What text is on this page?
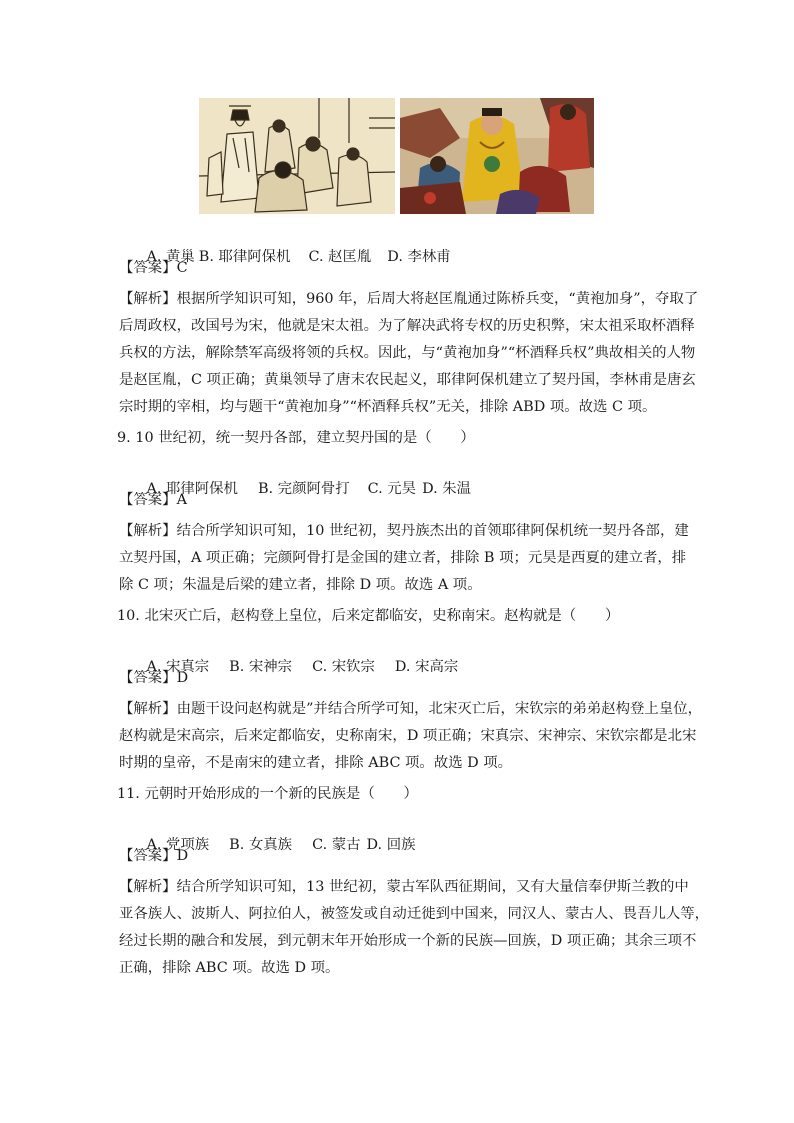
A. 黄巢 B. 耶律阿保机 C. 赵匡胤 D. 李林甫

【答案】C
【解析】根据所学知识可知，960 年，后周大将赵匡胤通过陈桥兵变，“黄袍加身”，夺取了
后周政权，改国号为宋，他就是宋太祖。为了解决武将专权的历史积弊，宋太祖采取杯酒释
兵权的方法，解除禁军高级将领的兵权。因此，与“黄袍加身”“杯酒释兵权”典故相关的人物
是赵匡胤，C 项正确；黄巢领导了唐末农民起义，耶律阿保机建立了契丹国，李林甫是唐玄
宗时期的宰相，均与题干“黄袍加身”“杯酒释兵权”无关，排除 ABD 项。故选 C 项。
9. 10 世纪初，统一契丹各部，建立契丹国的是（　　）

A. 耶律阿保机 B. 完颜阿骨打 C. 元昊 D. 朱温

【答案】A
【解析】结合所学知识可知，10 世纪初，契丹族杰出的首领耶律阿保机统一契丹各部，建
立契丹国，A 项正确；完颜阿骨打是金国的建立者，排除 B 项；元昊是西夏的建立者，排
除 C 项；朱温是后梁的建立者，排除 D 项。故选 A 项。
10. 北宋灭亡后，赵构登上皇位，后来定都临安，史称南宋。赵构就是（　　）

A. 宋真宗 B. 宋神宗 C. 宋钦宗 D. 宋高宗

【答案】D
【解析】由题干设问赵构就是”并结合所学可知，北宋灭亡后，宋钦宗的弟弟赵构登上皇位，
赵构就是宋高宗，后来定都临安，史称南宋，D 项正确；宋真宗、宋神宗、宋钦宗都是北宋
时期的皇帝，不是南宋的建立者，排除 ABC 项。故选 D 项。
11. 元朝时开始形成的一个新的民族是（　　）

A. 党项族 B. 女真族 C. 蒙古 D. 回族

【答案】D
【解析】结合所学知识可知，13 世纪初，蒙古军队西征期间，又有大量信奉伊斯兰教的中
亚各族人、波斯人、阿拉伯人，被签发或自动迁徙到中国来，同汉人、蒙古人、畏吾儿人等，
经过长期的融合和发展，到元朝末年开始形成一个新的民族—回族，D 项正确；其余三项不
正确，排除 ABC 项。故选 D 项。
